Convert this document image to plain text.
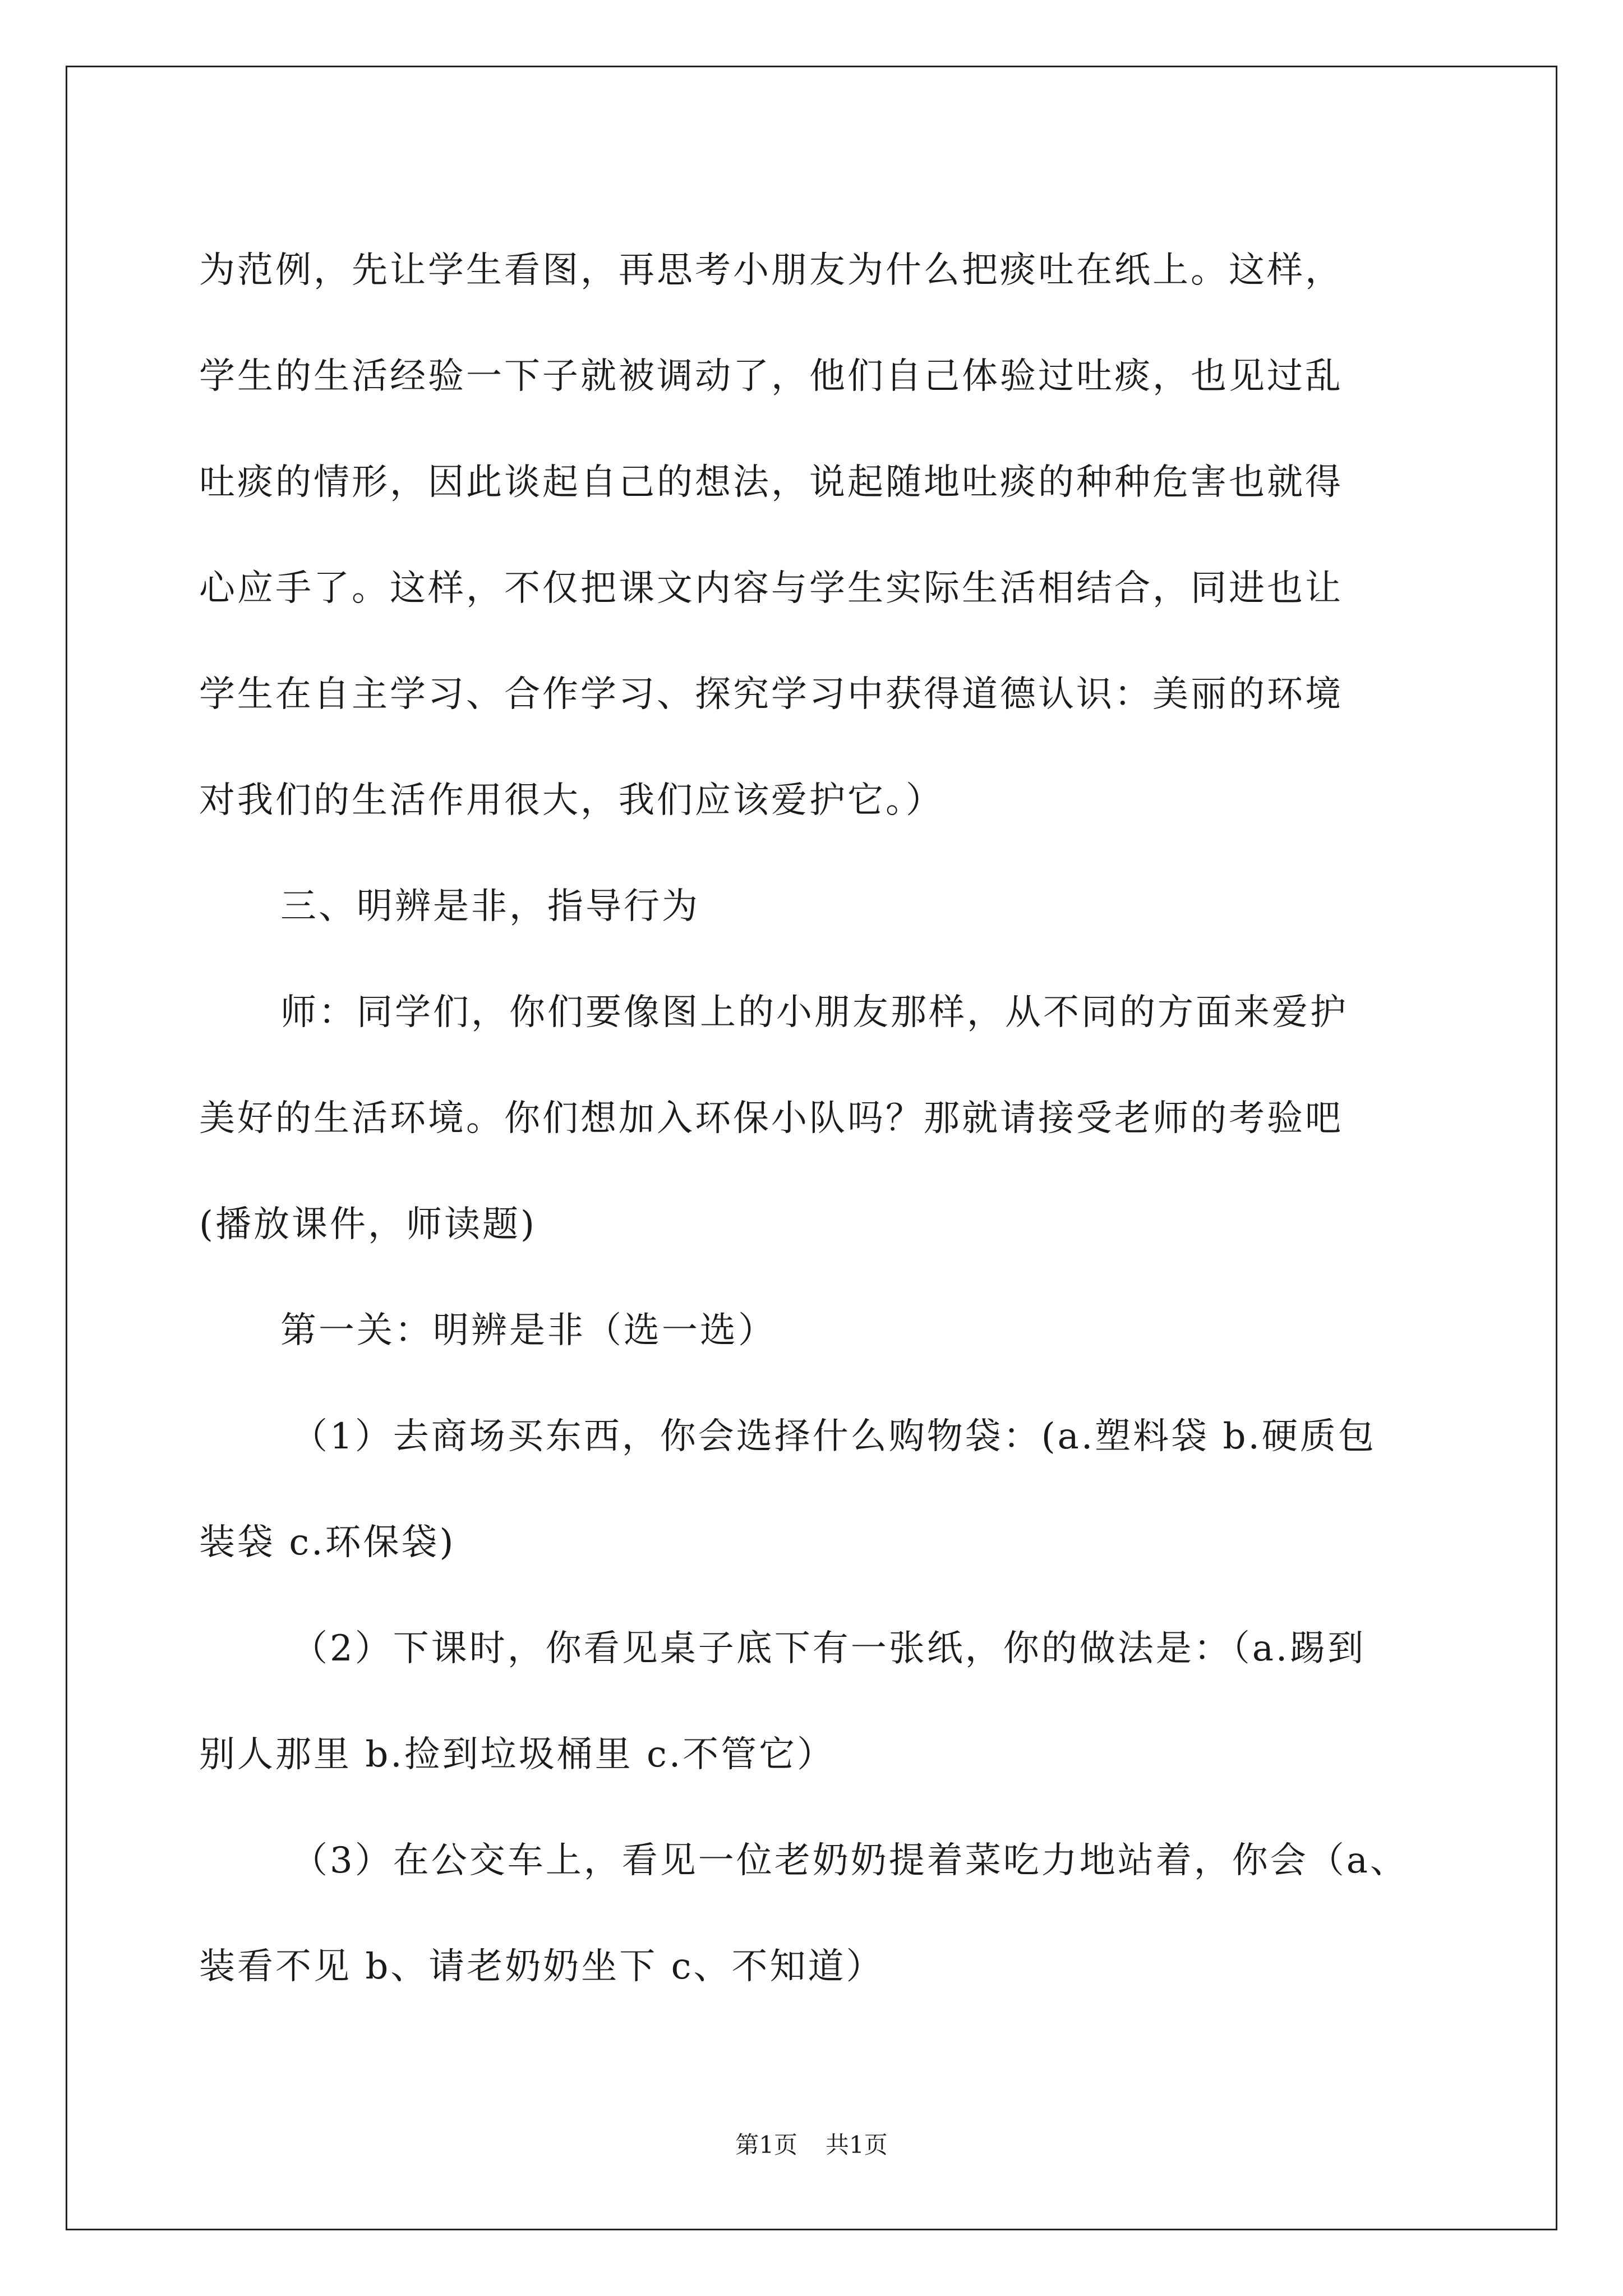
为范例，先让学生看图，再思考小朋友为什么把痰吐在纸上。这样，
学生的生活经验一下子就被调动了，他们自己体验过吐痰，也见过乱
吐痰的情形，因此谈起自己的想法，说起随地吐痰的种种危害也就得
心应手了。这样，不仅把课文内容与学生实际生活相结合，同进也让
学生在自主学习、合作学习、探究学习中获得道德认识：美丽的环境
对我们的生活作用很大，我们应该爱护它。）
三、明辨是非，指导行为
师：同学们，你们要像图上的小朋友那样，从不同的方面来爱护
美好的生活环境。你们想加入环保小队吗？那就请接受老师的考验吧
(播放课件，师读题)
第一关：明辨是非（选一选）
（1）去商场买东西，你会选择什么购物袋：(a.塑料袋 b.硬质包
装袋 c.环保袋)
（2）下课时，你看见桌子底下有一张纸，你的做法是：（a.踢到
别人那里 b.捡到垃圾桶里 c.不管它）
（3）在公交车上，看见一位老奶奶提着菜吃力地站着，你会（a、
装看不见 b、请老奶奶坐下 c、不知道）
第1页 共1页
